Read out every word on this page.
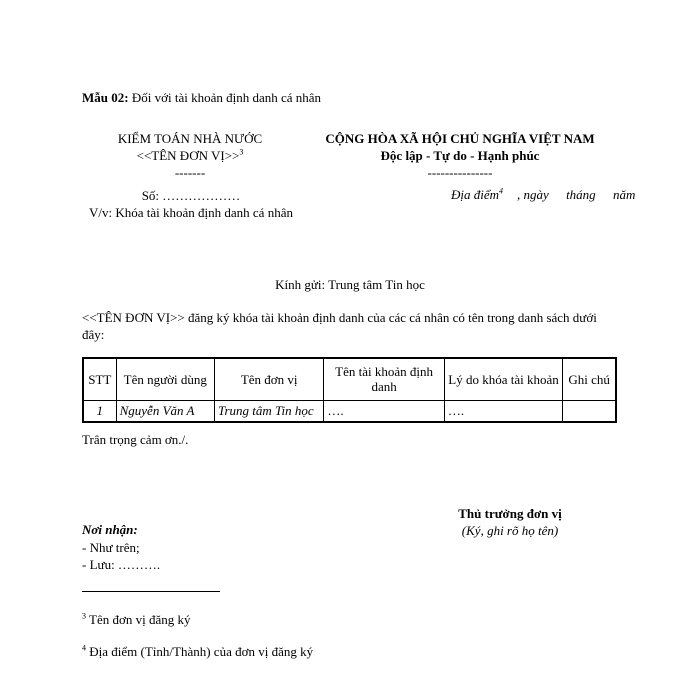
Mẫu 02: Đối với tài khoản định danh cá nhân
KIỂM TOÁN NHÀ NƯỚC
<<TÊN ĐƠN VỊ>>$^3$
-------
CỘNG HÒA XÃ HỘI CHỦ NGHĨA VIỆT NAM
Độc lập - Tự do - Hạnh phúc
---------------
Số: ………………
V/v: Khóa tài khoản định danh cá nhân
Địa điểm$^4$ , ngày tháng năm
Kính gửi: Trung tâm Tin học
<<TÊN ĐƠN VỊ>> đăng ký khóa tài khoản định danh của các cá nhân có tên trong danh sách dưới đây:
STT	Tên người dùng	Tên đơn vị	Tên tài khoản định danh	Lý do khóa tài khoản	Ghi chú
1	Nguyễn Văn A	Trung tâm Tin học	….	….	
Trân trọng cảm ơn./.
Thủ trưởng đơn vị
(Ký, ghi rõ họ tên)
Nơi nhận:
- Như trên;
- Lưu: ……….
$^3$ Tên đơn vị đăng ký
$^4$ Địa điểm (Tỉnh/Thành) của đơn vị đăng ký
